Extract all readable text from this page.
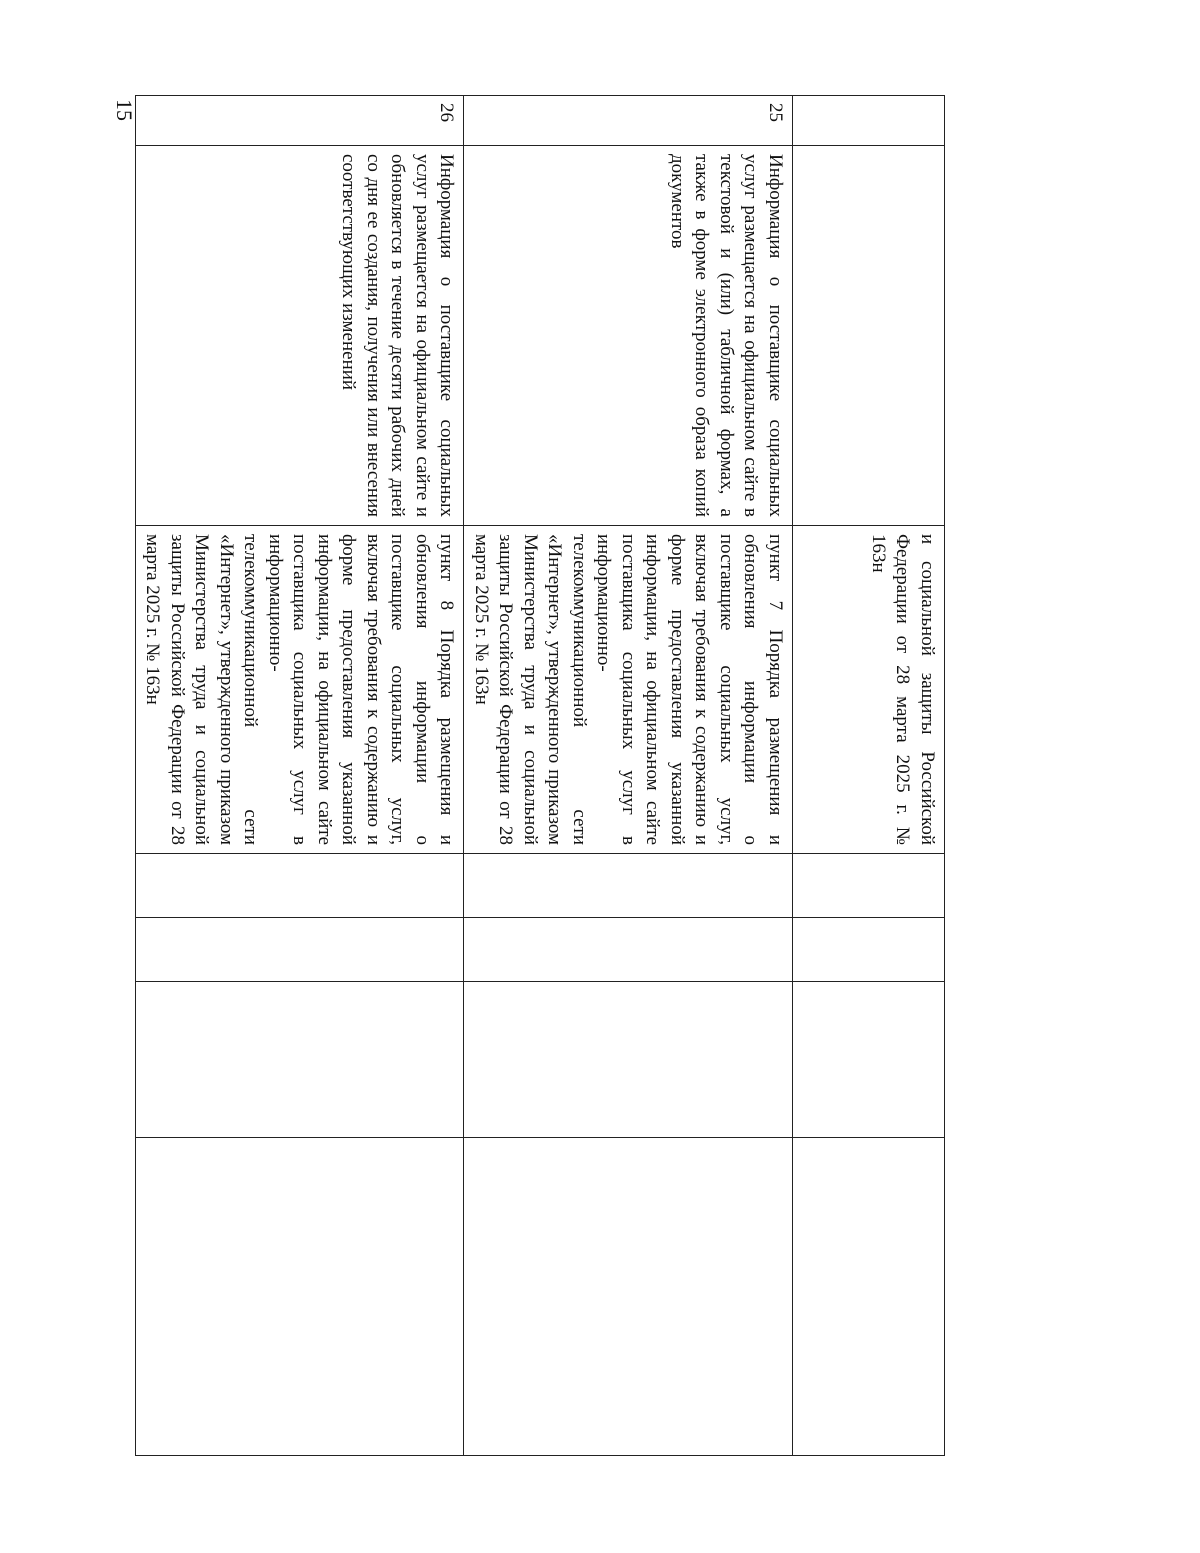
15
		и социальной защиты Российской Федерации от 28 марта 2025 г. № 163н				
25	Информация о поставщике социальных услуг размещается на официальном сайте в текстовой и (или) табличной формах, а также в форме электронного образа копий документов	пункт 7 Порядка размещения и обновления информации о поставщике социальных услуг, включая требования к содержанию и форме предоставления указанной информации, на официальном сайте поставщика социальных услуг в информационно-телекоммуникационной сети «Интернет», утвержденного приказом Министерства труда и социальной защиты Российской Федерации от 28 марта 2025 г. № 163н				
26	Информация о поставщике социальных услуг размещается на официальном сайте и обновляется в течение десяти рабочих дней со дня ее создания, получения или внесения соответствующих изменений	пункт 8 Порядка размещения и обновления информации о поставщике социальных услуг, включая требования к содержанию и форме предоставления указанной информации, на официальном сайте поставщика социальных услуг в информационно-телекоммуникационной сети «Интернет», утвержденного приказом Министерства труда и социальной защиты Российской Федерации от 28 марта 2025 г. № 163н				
